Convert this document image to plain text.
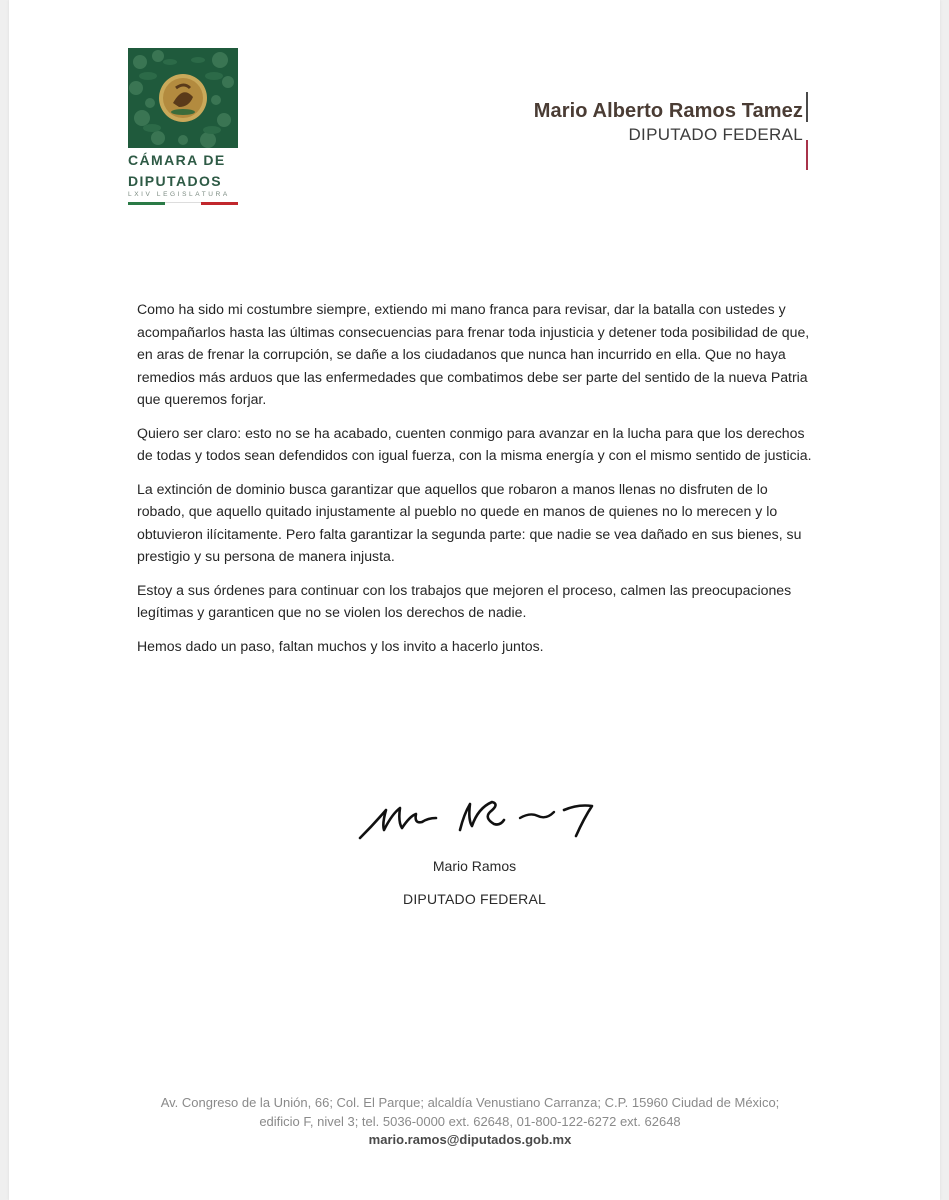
CÁMARA DE
DIPUTADOS
LXIV LEGISLATURA
Mario Alberto Ramos Tamez
DIPUTADO FEDERAL

Como ha sido mi costumbre siempre, extiendo mi mano franca para revisar, dar la batalla con ustedes y acompañarlos hasta las últimas consecuencias para frenar toda injusticia y detener toda posibilidad de que, en aras de frenar la corrupción, se dañe a los ciudadanos que nunca han incurrido en ella. Que no haya remedios más arduos que las enfermedades que combatimos debe ser parte del sentido de la nueva Patria que queremos forjar.

Quiero ser claro: esto no se ha acabado, cuenten conmigo para avanzar en la lucha para que los derechos de todas y todos sean defendidos con igual fuerza, con la misma energía y con el mismo sentido de justicia.

La extinción de dominio busca garantizar que aquellos que robaron a manos llenas no disfruten de lo robado, que aquello quitado injustamente al pueblo no quede en manos de quienes no lo merecen y lo obtuvieron ilícitamente. Pero falta garantizar la segunda parte: que nadie se vea dañado en sus bienes, su prestigio y su persona de manera injusta.

Estoy a sus órdenes para continuar con los trabajos que mejoren el proceso, calmen las preocupaciones legítimas y garanticen que no se violen los derechos de nadie.

Hemos dado un paso, faltan muchos y los invito a hacerlo juntos.

Mario Ramos
DIPUTADO FEDERAL
Av. Congreso de la Unión, 66; Col. El Parque; alcaldía Venustiano Carranza; C.P. 15960 Ciudad de México;
edificio F, nivel 3; tel. 5036-0000 ext. 62648, 01-800-122-6272 ext. 62648
mario.ramos@diputados.gob.mx
